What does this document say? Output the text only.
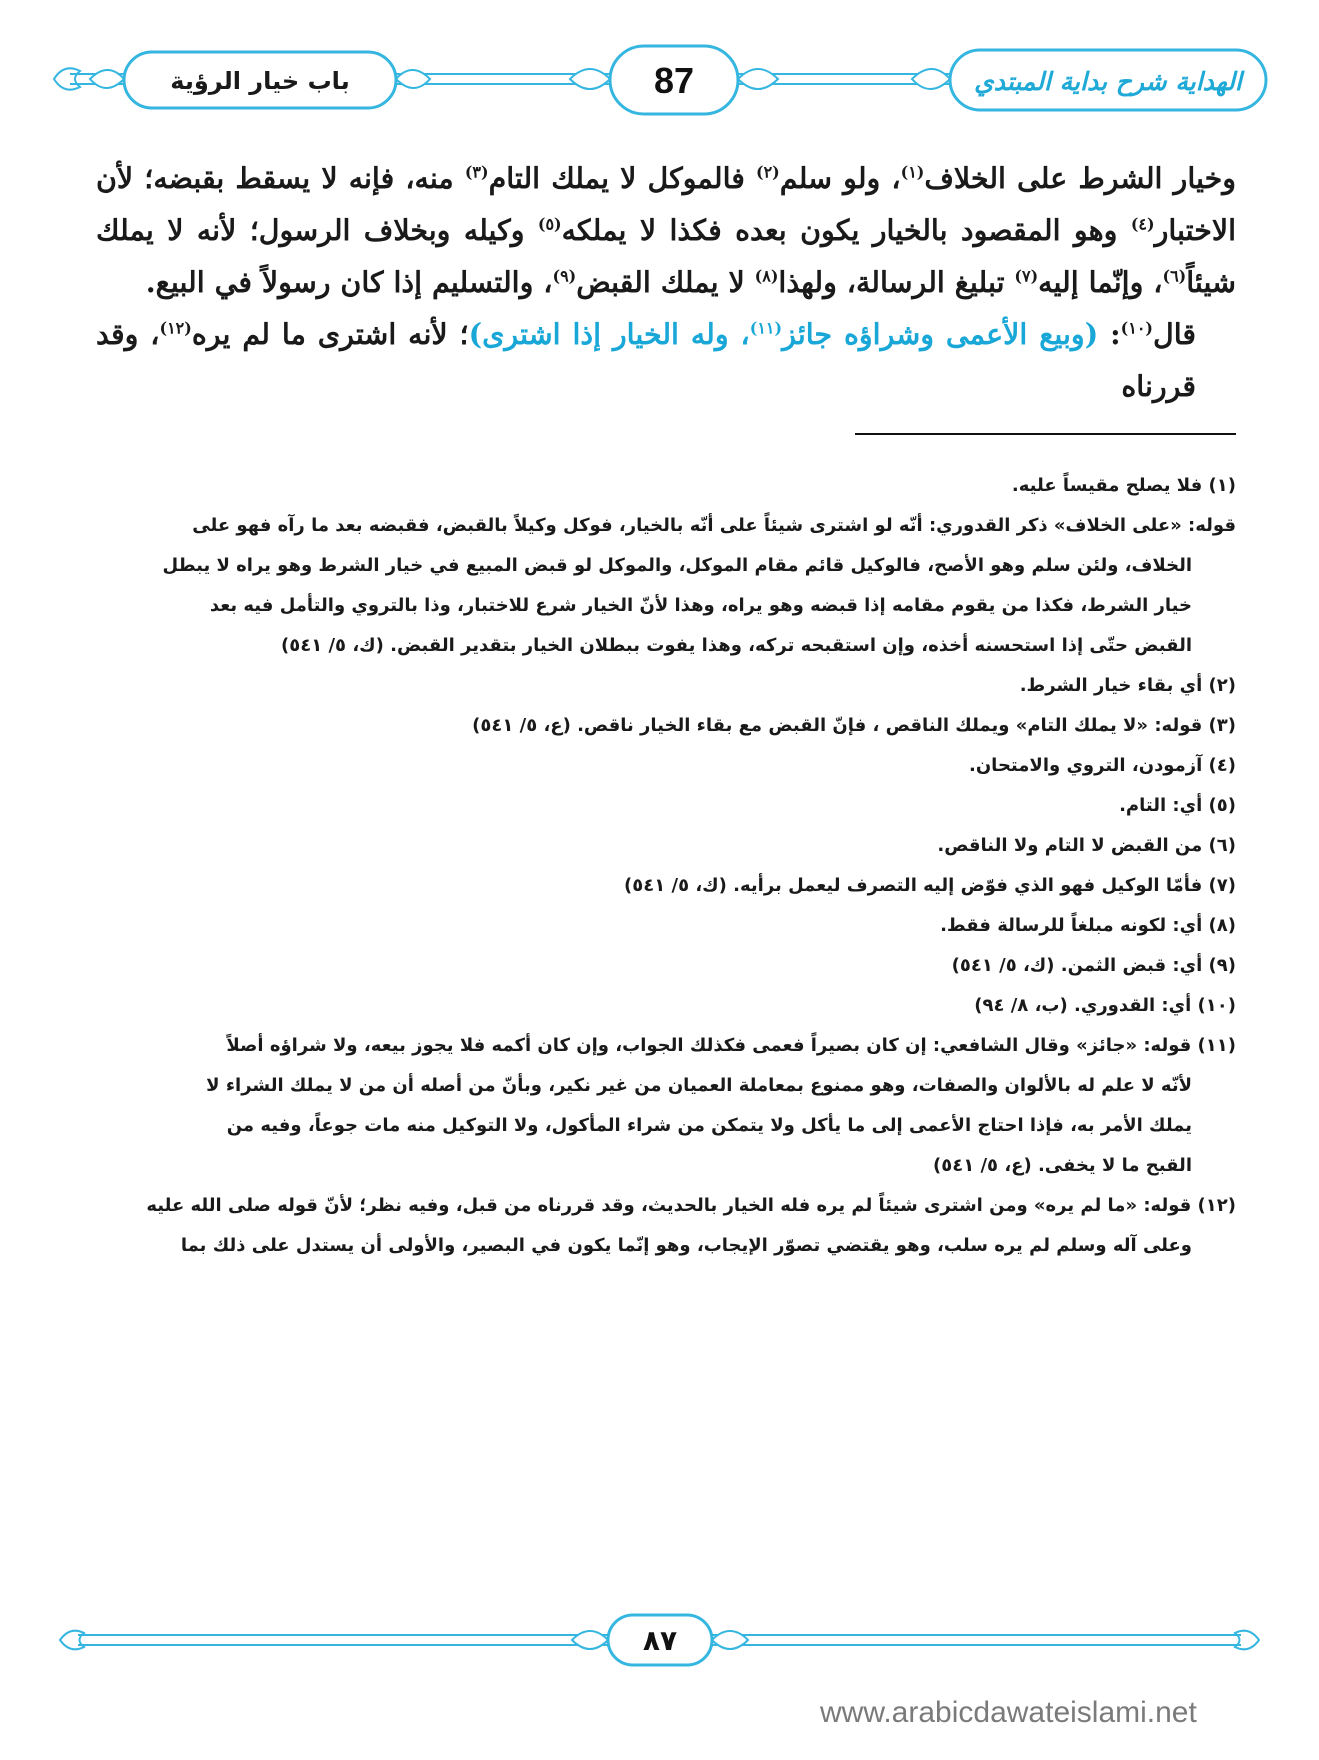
باب خيار الرؤية	87	الهداية شرح بداية المبتدي

وخيار الشرط على الخلاف$^{(١)}$، ولو سلم$^{(٢)}$ فالموكل لا يملك التام$^{(٣)}$ منه، فإنه لا يسقط بقبضه؛ لأن الاختبار$^{(٤)}$ وهو المقصود بالخيار يكون بعده فكذا لا يملكه$^{(٥)}$ وكيله وبخلاف الرسول؛ لأنه لا يملك شيئاً$^{(٦)}$، وإنّما إليه$^{(٧)}$ تبليغ الرسالة، ولهذا$^{(٨)}$ لا يملك القبض$^{(٩)}$، والتسليم إذا كان رسولاً في البيع.

قال$^{(١٠)}$: (وبيع الأعمى وشراؤه جائز$^{(١١)}$، وله الخيار إذا اشترى)؛ لأنه اشترى ما لم يره$^{(١٢)}$، وقد قررناه

(١) فلا يصلح مقيساً عليه.
قوله: «على الخلاف» ذكر القدوري: أنّه لو اشترى شيئاً على أنّه بالخيار، فوكل وكيلاً بالقبض، فقبضه بعد ما رآه فهو على
الخلاف، ولئن سلم وهو الأصح، فالوكيل قائم مقام الموكل، والموكل لو قبض المبيع في خيار الشرط وهو يراه لا يبطل
خيار الشرط، فكذا من يقوم مقامه إذا قبضه وهو يراه، وهذا لأنّ الخيار شرع للاختبار، وذا بالتروي والتأمل فيه بعد
القبض حتّى إذا استحسنه أخذه، وإن استقبحه تركه، وهذا يفوت ببطلان الخيار بتقدير القبض. (ك، ٥/ ٥٤١)
(٢) أي بقاء خيار الشرط.
(٣) قوله: «لا يملك التام» ويملك الناقص ، فإنّ القبض مع بقاء الخيار ناقص. (ع، ٥/ ٥٤١)
(٤) آزمودن، التروي والامتحان.
(٥) أي: التام.
(٦) من القبض لا التام ولا الناقص.
(٧) فأمّا الوكيل فهو الذي فوّض إليه التصرف ليعمل برأيه. (ك، ٥/ ٥٤١)
(٨) أي: لكونه مبلغاً للرسالة فقط.
(٩) أي: قبض الثمن. (ك، ٥/ ٥٤١)
(١٠) أي: القدوري. (ب، ٨/ ٩٤)
(١١) قوله: «جائز» وقال الشافعي: إن كان بصيراً فعمى فكذلك الجواب، وإن كان أكمه فلا يجوز بيعه، ولا شراؤه أصلاً
لأنّه لا علم له بالألوان والصفات، وهو ممنوع بمعاملة العميان من غير نكير، وبأنّ من أصله أن من لا يملك الشراء لا
يملك الأمر به، فإذا احتاج الأعمى إلى ما يأكل ولا يتمكن من شراء المأكول، ولا التوكيل منه مات جوعاً، وفيه من
القبح ما لا يخفى. (ع، ٥/ ٥٤١)
(١٢) قوله: «ما لم يره» ومن اشترى شيئاً لم يره فله الخيار بالحديث، وقد قررناه من قبل، وفيه نظر؛ لأنّ قوله صلى الله عليه
وعلى آله وسلم لم يره سلب، وهو يقتضي تصوّر الإيجاب، وهو إنّما يكون في البصير، والأولى أن يستدل على ذلك بما
٨٧
www.arabicdawateislami.net
